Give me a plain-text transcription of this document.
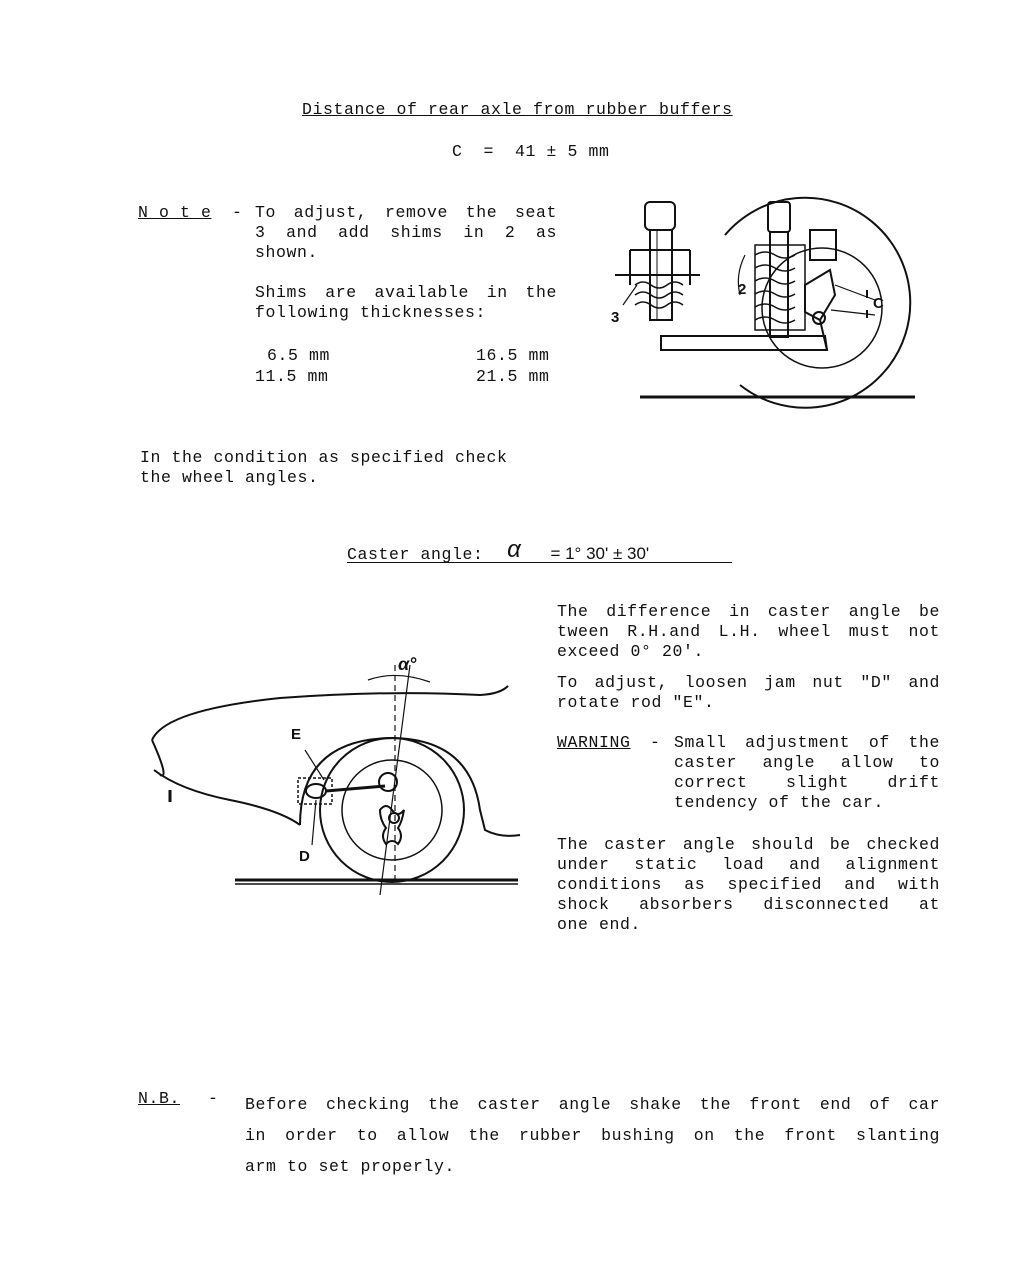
Distance of rear axle from rubber buffers
C  =  41 ± 5 mm
N o t e - To adjust, remove the seat
3 and add shims in 2 as
shown.
Shims are available in the
following thicknesses:
6.5 mm	16.5 mm
11.5 mm	21.5 mm
2
3
C
In the condition as specified check
the wheel angles.
Caster angle: α = 1° 30' ± 30'
α°
E
D
The difference in caster angle be
tween R.H.and L.H. wheel must not
exceed 0° 20'.
To adjust, loosen jam nut "D" and
rotate rod "E".
WARNING - Small adjustment of the
caster angle allow to
correct slight drift
tendency of the car.
The caster angle should be checked
under static load and alignment
conditions as specified and with
shock absorbers disconnected at
one end.
N.B. - Before checking the caster angle shake the front end of car
in order to allow the rubber bushing on the front slanting
arm to set properly.
